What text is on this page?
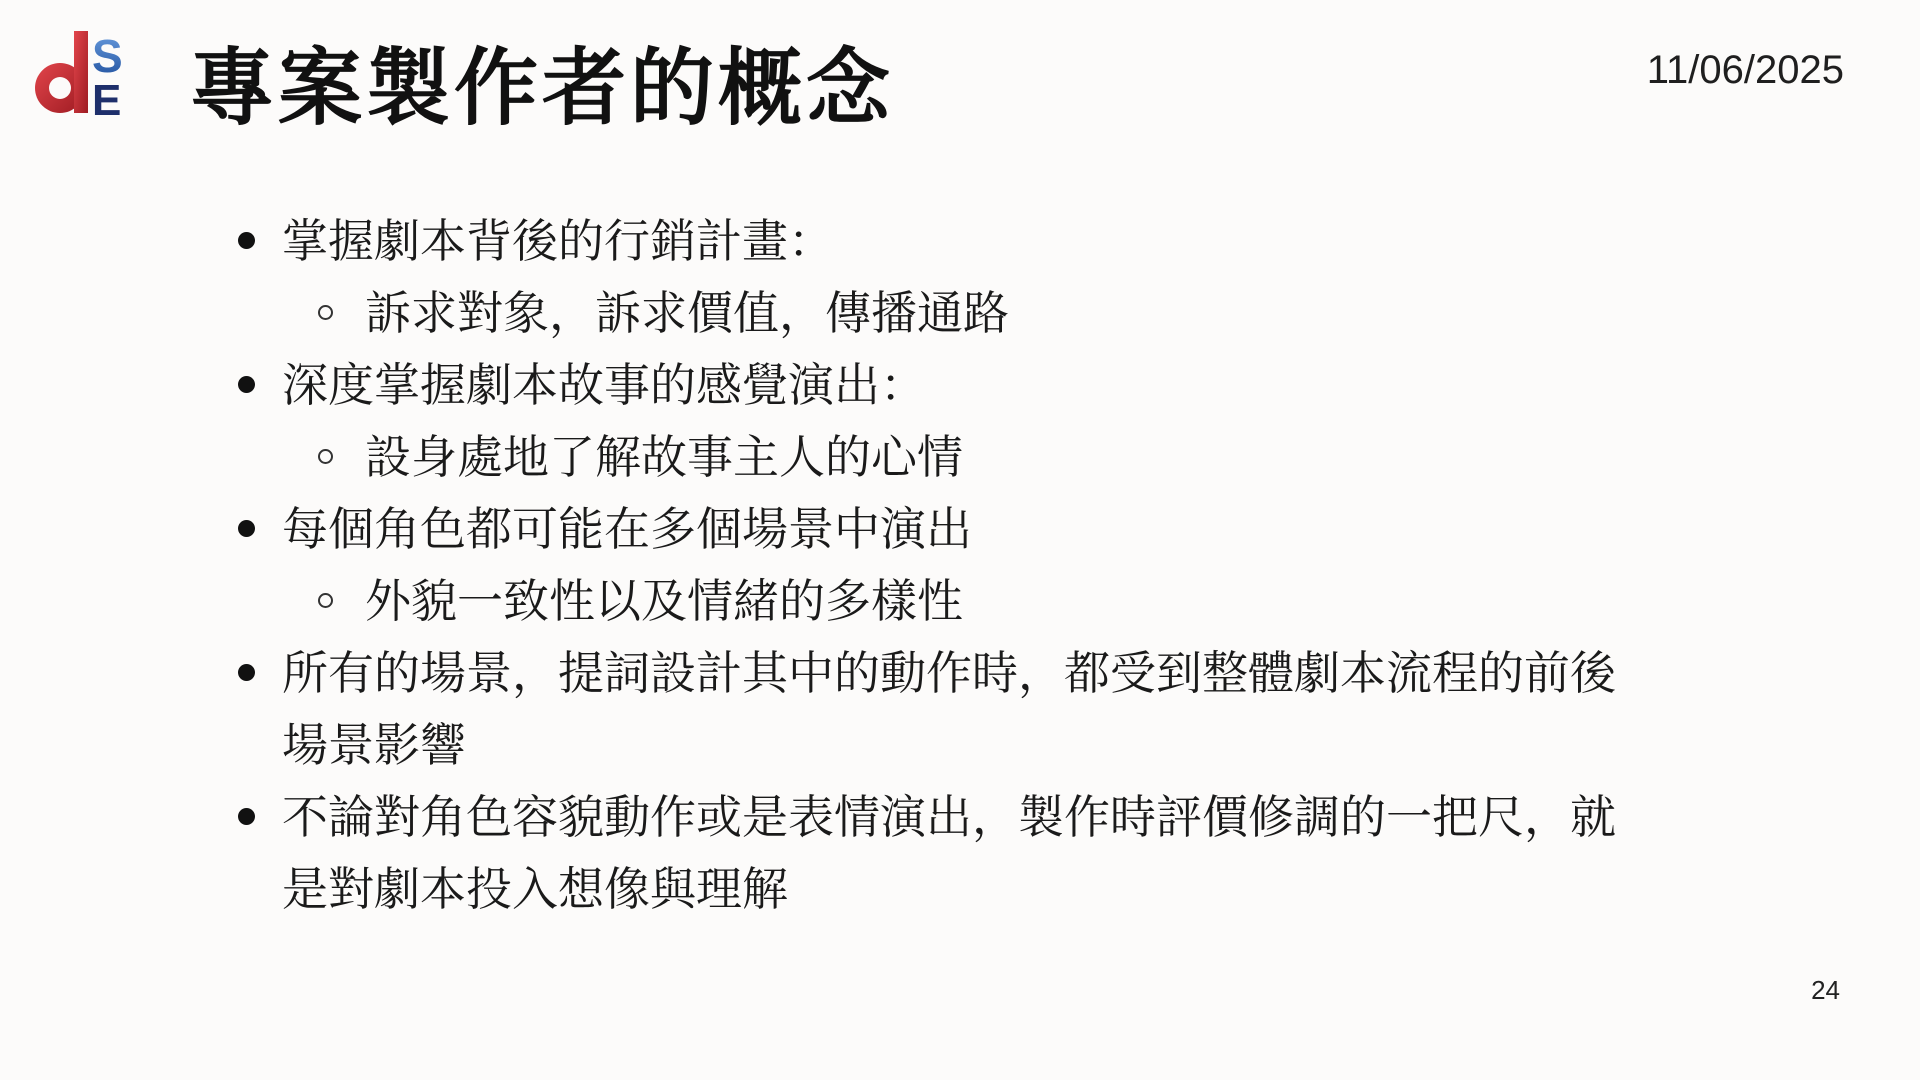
S
E 專案製作者的概念	11/06/2025
掌握劇本背後的行銷計畫：
訴求對象，訴求價值，傳播通路
深度掌握劇本故事的感覺演出：
設身處地了解故事主人的心情
每個角色都可能在多個場景中演出
外貌一致性以及情緒的多樣性
所有的場景，提詞設計其中的動作時，都受到整體劇本流程的前後場景影響
不論對角色容貌動作或是表情演出，製作時評價修調的一把尺，就是對劇本投入想像與理解
24
